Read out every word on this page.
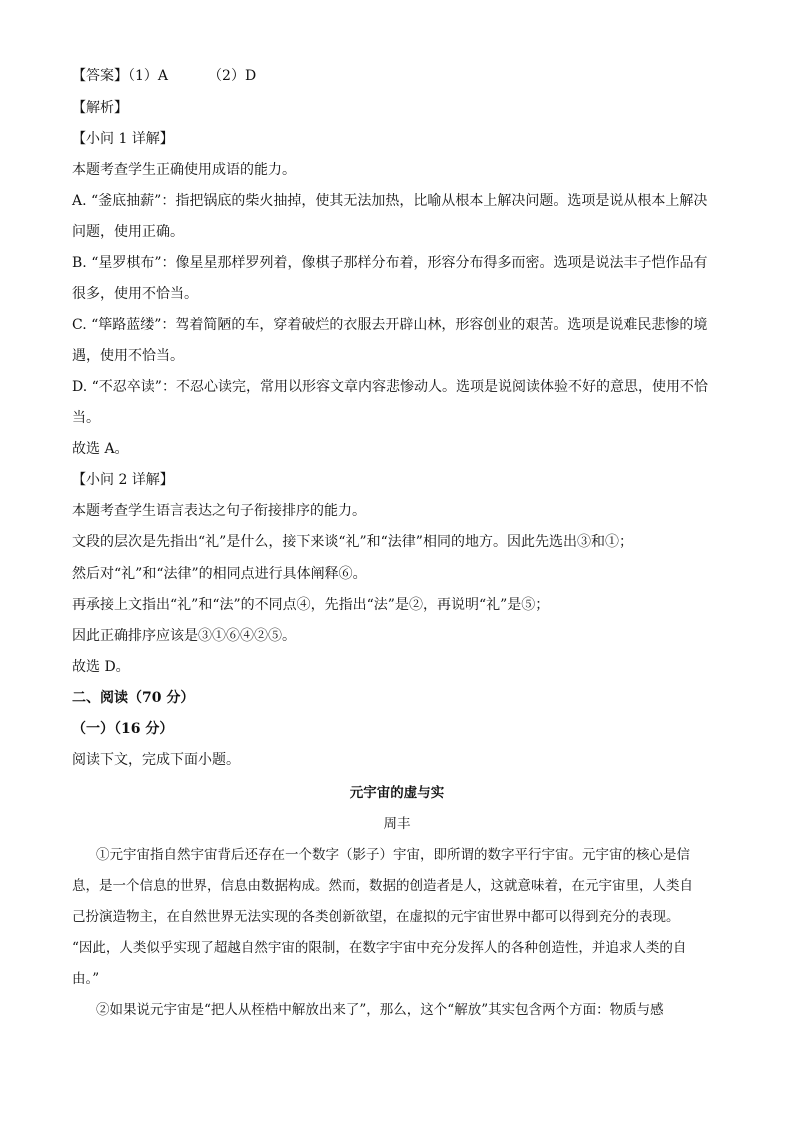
【答案】（1）A	（2）D
【解析】
【小问 1 详解】
本题考查学生正确使用成语的能力。
A. “釜底抽薪”：指把锅底的柴火抽掉，使其无法加热，比喻从根本上解决问题。选项是说从根本上解决
问题，使用正确。
B. “星罗棋布”：像星星那样罗列着，像棋子那样分布着，形容分布得多而密。选项是说法丰子恺作品有
很多，使用不恰当。
C. “筚路蓝缕”：驾着简陋的车，穿着破烂的衣服去开辟山林，形容创业的艰苦。选项是说难民悲惨的境
遇，使用不恰当。
D. “不忍卒读”：不忍心读完，常用以形容文章内容悲惨动人。选项是说阅读体验不好的意思，使用不恰
当。
故选 A。
【小问 2 详解】
本题考查学生语言表达之句子衔接排序的能力。
文段的层次是先指出“礼”是什么，接下来谈“礼”和“法律”相同的地方。因此先选出③和①；
然后对“礼”和“法律”的相同点进行具体阐释⑥。
再承接上文指出“礼”和“法”的不同点④，先指出“法”是②，再说明“礼”是⑤；
因此正确排序应该是③①⑥④②⑤。
故选 D。
二、阅读（70 分）
（一）（16 分）
阅读下文，完成下面小题。
元宇宙的虚与实
周丰
①元宇宙指自然宇宙背后还存在一个数字（影子）宇宙，即所谓的数字平行宇宙。元宇宙的核心是信
息，是一个信息的世界，信息由数据构成。然而，数据的创造者是人，这就意味着，在元宇宙里，人类自
己扮演造物主，在自然世界无法实现的各类创新欲望，在虚拟的元宇宙世界中都可以得到充分的表现。
“因此，人类似乎实现了超越自然宇宙的限制，在数字宇宙中充分发挥人的各种创造性，并追求人类的自
由。”
②如果说元宇宙是“把人从桎梏中解放出来了”，那么，这个“解放”其实包含两个方面：物质与感
